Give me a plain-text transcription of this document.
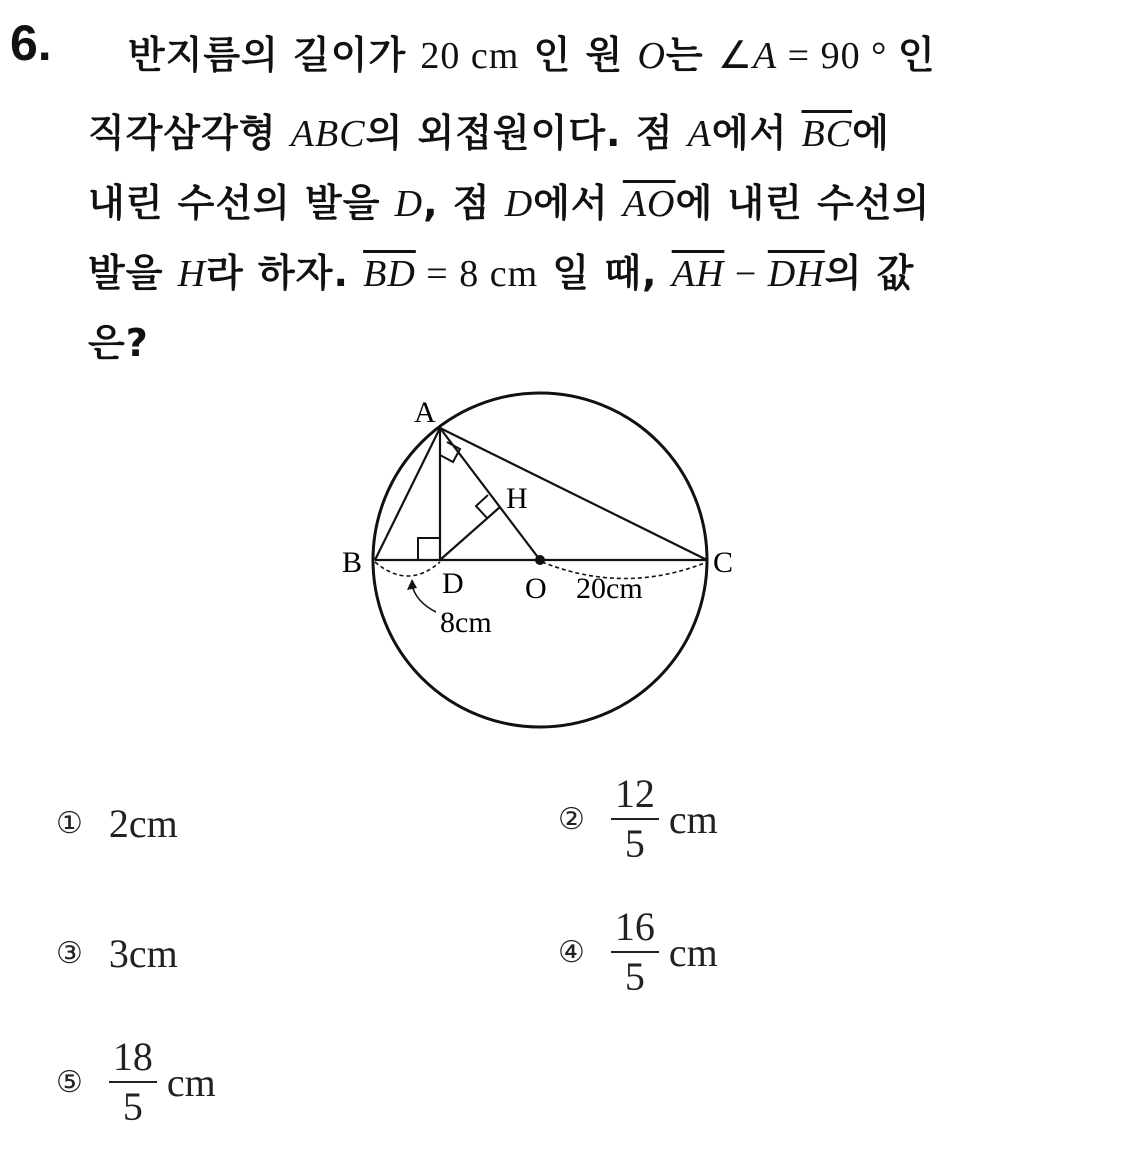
6. 반지름의 길이가 20 cm 인 원 O는 ∠A = 90 ° 인
직각삼각형 ABC의 외접원이다. 점 A에서 $\overline{BC}$에
내린 수선의 발을 D, 점 D에서 $\overline{AO}$에 내린 수선의
발을 H라 하자. $\overline{BD} = 8$ cm 일 때, $\overline{AH} - \overline{DH}$의 값
은?
A
B	C
D O
H
20cm
8cm
① 2cm	② $\frac{12}{5}$ cm
③ 3cm	④ $\frac{16}{5}$ cm
⑤ $\frac{18}{5}$ cm
